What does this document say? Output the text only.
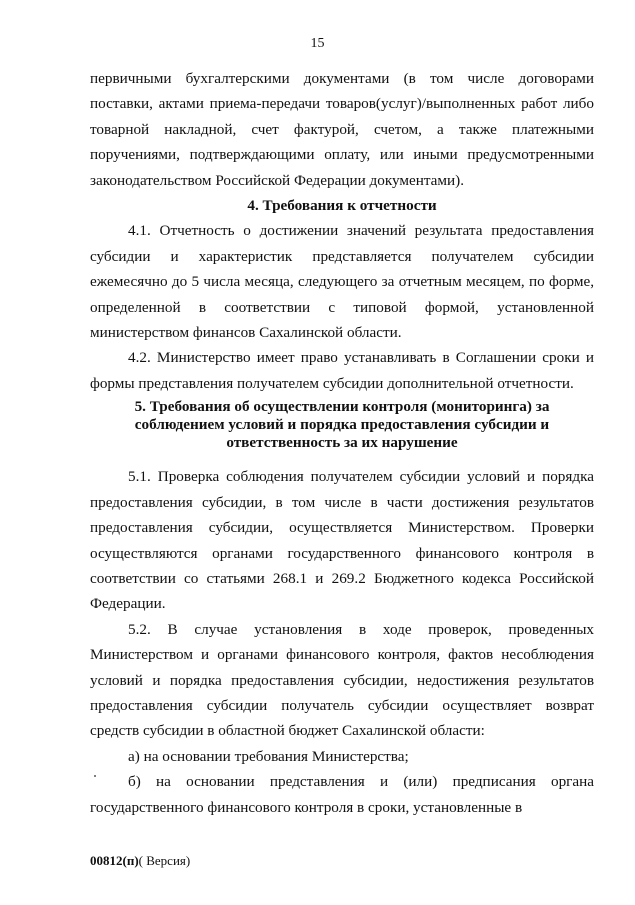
15

первичными бухгалтерскими документами (в том числе договорами поставки, актами приема-передачи товаров(услуг)/выполненных работ либо товарной накладной, счет фактурой, счетом, а также платежными поручениями, подтверждающими оплату, или иными предусмотренными законодательством Российской Федерации документами).

4. Требования к отчетности

4.1. Отчетность о достижении значений результата предоставления субсидии и характеристик представляется получателем субсидии ежемесячно до 5 числа месяца, следующего за отчетным месяцем, по форме, определенной в соответствии с типовой формой, установленной министерством финансов Сахалинской области.

4.2. Министерство имеет право устанавливать в Соглашении сроки и формы представления получателем субсидии дополнительной отчетности.

5. Требования об осуществлении контроля (мониторинга) за
соблюдением условий и порядка предоставления субсидии и
ответственность за их нарушение

5.1. Проверка соблюдения получателем субсидии условий и порядка предоставления субсидии, в том числе в части достижения результатов предоставления субсидии, осуществляется Министерством. Проверки осуществляются органами государственного финансового контроля в соответствии со статьями 268.1 и 269.2 Бюджетного кодекса Российской Федерации.

5.2. В случае установления в ходе проверок, проведенных Министерством и органами финансового контроля, фактов несоблюдения условий и порядка предоставления субсидии, недостижения результатов предоставления субсидии получатель субсидии осуществляет возврат средств субсидии в областной бюджет Сахалинской области:

а) на основании требования Министерства;

б) на основании представления и (или) предписания органа государственного финансового контроля в сроки, установленные в

00812(п)( Версия)
